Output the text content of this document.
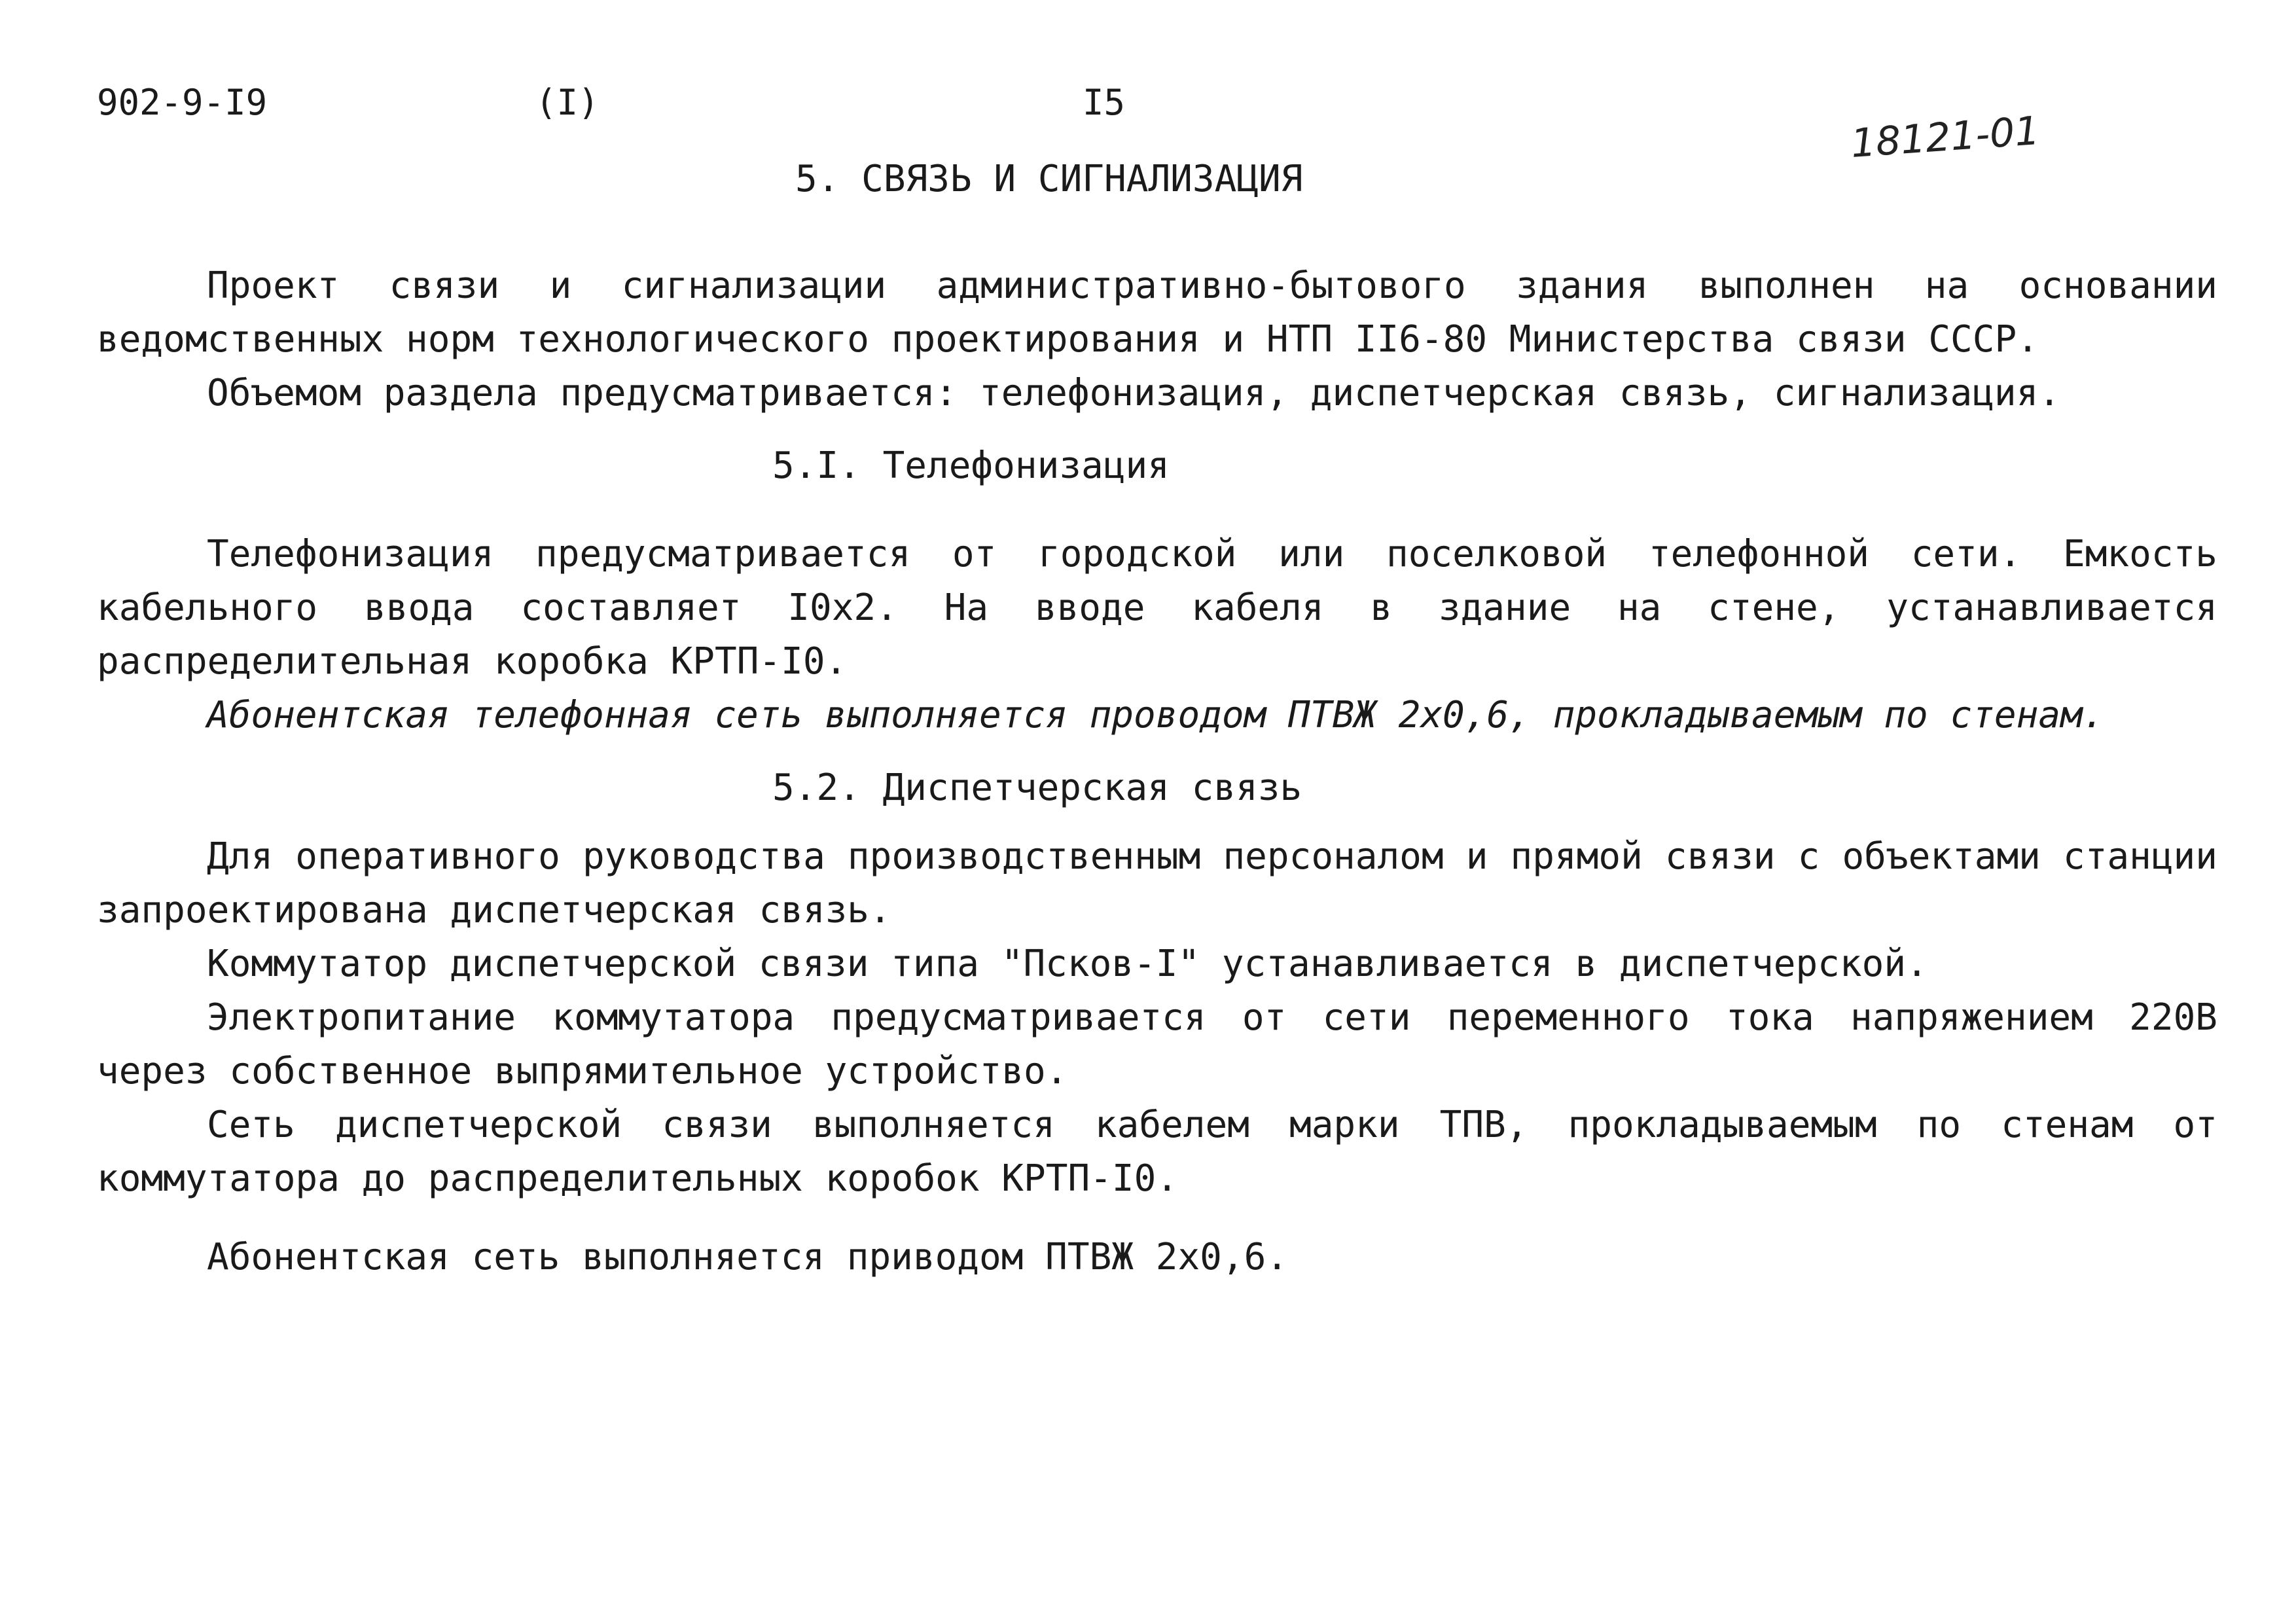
902-9-I9	(I)	I5
18121-01
5. СВЯЗЬ И СИГНАЛИЗАЦИЯ
Проект связи и сигнализации административно-бытового здания выполнен на основании ведомственных норм технологического проектирования и НТП II6-80 Министерства связи СССР.
Объемом раздела предусматривается: телефонизация, диспетчерская связь, сигнализация.
5.I. Телефонизация
Телефонизация предусматривается от городской или поселковой телефонной сети. Емкость кабельного ввода составляет I0х2. На вводе кабеля в здание на стене, устанавливается распределительная коробка КРТП-I0.
Абонентская телефонная сеть выполняется проводом ПТВЖ 2х0,6, прокладываемым по стенам.
5.2. Диспетчерская связь
Для оперативного руководства производственным персоналом и прямой связи с объектами станции запроектирована диспетчерская связь.
Коммутатор диспетчерской связи типа "Псков-I" устанавливается в диспетчерской.
Электропитание коммутатора предусматривается от сети переменного тока напряжением 220В через собственное выпрямительное устройство.
Сеть диспетчерской связи выполняется кабелем марки ТПВ, прокладываемым по стенам от коммутатора до распределительных коробок КРТП-I0.
Абонентская сеть выполняется приводом ПТВЖ 2х0,6.
